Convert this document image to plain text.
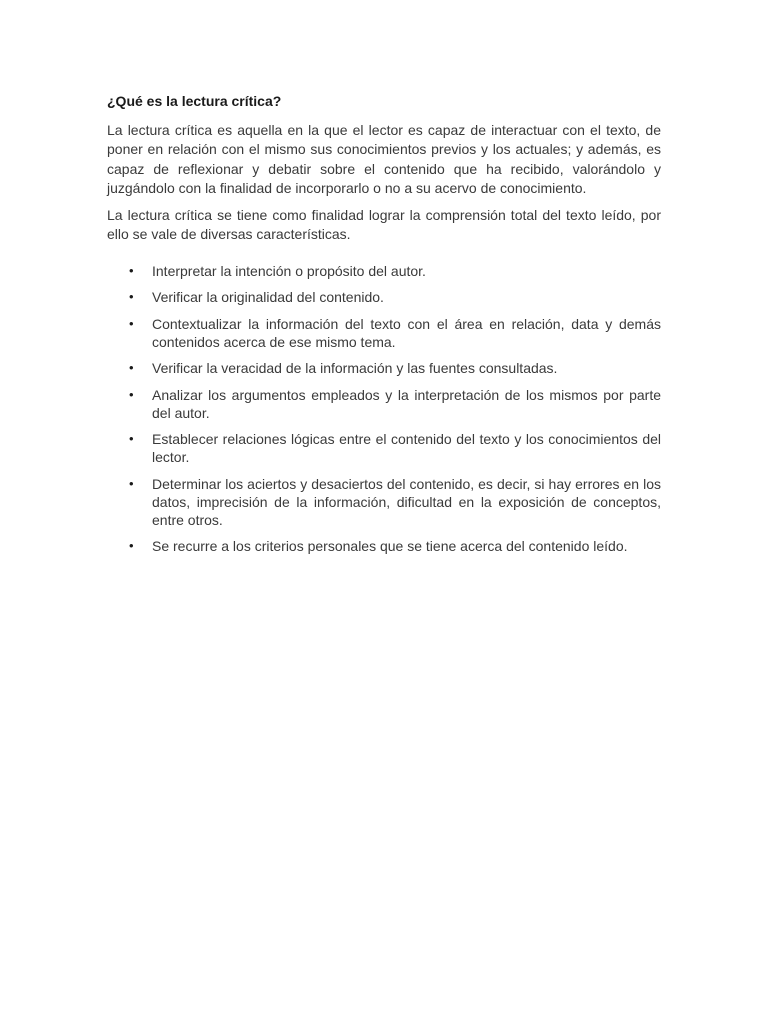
¿Qué es la lectura crítica?

La lectura crítica es aquella en la que el lector es capaz de interactuar con el texto, de poner en relación con el mismo sus conocimientos previos y los actuales; y además, es capaz de reflexionar y debatir sobre el contenido que ha recibido, valorándolo y juzgándolo con la finalidad de incorporarlo o no a su acervo de conocimiento.

La lectura crítica se tiene como finalidad lograr la comprensión total del texto leído, por ello se vale de diversas características.

• Interpretar la intención o propósito del autor.
• Verificar la originalidad del contenido.
• Contextualizar la información del texto con el área en relación, data y demás contenidos acerca de ese mismo tema.
• Verificar la veracidad de la información y las fuentes consultadas.
• Analizar los argumentos empleados y la interpretación de los mismos por parte del autor.
• Establecer relaciones lógicas entre el contenido del texto y los conocimientos del lector.
• Determinar los aciertos y desaciertos del contenido, es decir, si hay errores en los datos, imprecisión de la información, dificultad en la exposición de conceptos, entre otros.
• Se recurre a los criterios personales que se tiene acerca del contenido leído.
